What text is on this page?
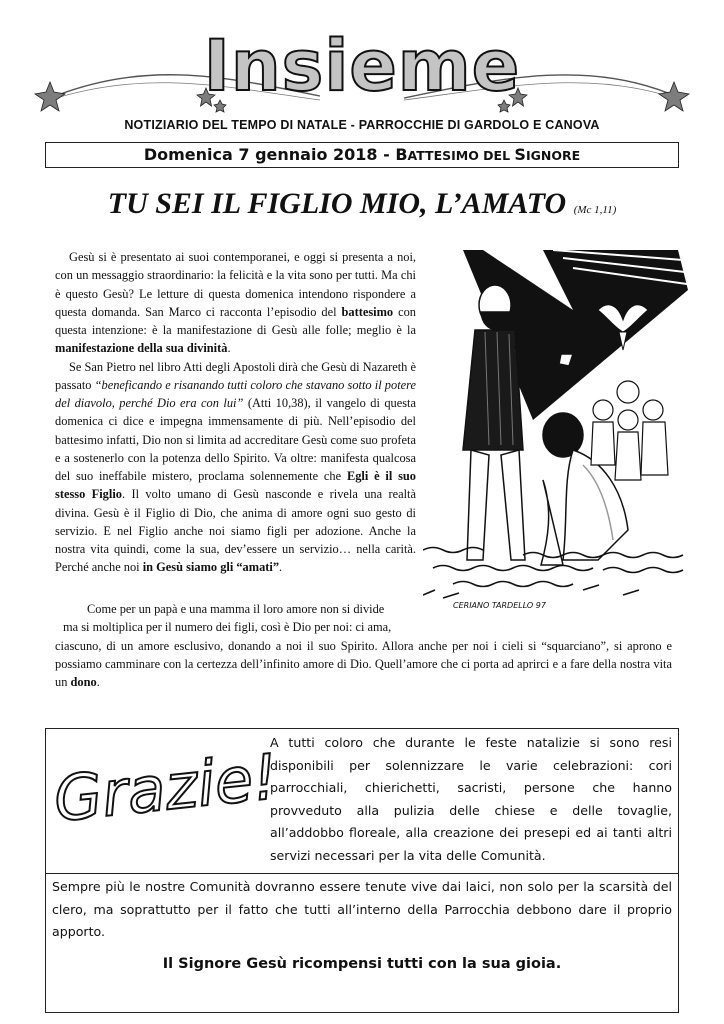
Insieme
NOTIZIARIO DEL TEMPO DI NATALE - PARROCCHIE DI GARDOLO E CANOVA
Domenica 7 gennaio 2018 - BATTESIMO DEL SIGNORE
TU SEI IL FIGLIO MIO, L’AMATO (Mc 1,11)

Gesù si è presentato ai suoi contemporanei, e oggi si presenta a noi, con un messaggio straordinario: la felicità e la vita sono per tutti. Ma chi è questo Gesù? Le letture di questa domenica intendono rispondere a questa domanda. San Marco ci racconta l’episodio del battesimo con questa intenzione: è la manifestazione di Gesù alle folle; meglio è la manifestazione della sua divinità.

Se San Pietro nel libro Atti degli Apostoli dirà che Gesù di Nazareth è passato “beneficando e risanando tutti coloro che stavano sotto il potere del diavolo, perché Dio era con lui” (Atti 10,38), il vangelo di questa domenica ci dice e impegna immensamente di più. Nell’episodio del battesimo infatti, Dio non si limita ad accreditare Gesù come suo profeta e a sostenerlo con la potenza dello Spirito. Va oltre: manifesta qualcosa del suo ineffabile mistero, proclama solennemente che Egli è il suo stesso Figlio. Il volto umano di Gesù nasconde e rivela una realtà divina. Gesù è il Figlio di Dio, che anima di amore ogni suo gesto di servizio. E nel Figlio anche noi siamo figli per adozione. Anche la nostra vita quindi, come la sua, dev’essere un servizio… nella carità. Perché anche noi in Gesù siamo gli “amati”.

CERIANO TARDELLO 97

Come per un papà e una mamma il loro amore non si divide

ma si moltiplica per il numero dei figli, così è Dio per noi: ci ama,

ciascuno, di un amore esclusivo, donando a noi il suo Spirito. Allora anche per noi i cieli si “squarciano”, si aprono e possiamo camminare con la certezza dell’infinito amore di Dio. Quell’amore che ci porta ad aprirci e a fare della nostra vita un dono.

Grazie!

A tutti coloro che durante le feste natalizie si sono resi disponibili per solennizzare le varie celebrazioni: cori parrocchiali, chierichetti, sacristi, persone che hanno provveduto alla pulizia delle chiese e delle tovaglie, all’addobbo floreale, alla creazione dei presepi ed ai tanti altri servizi necessari per la vita delle Comunità.

Sempre più le nostre Comunità dovranno essere tenute vive dai laici, non solo per la scarsità del clero, ma soprattutto per il fatto che tutti all’interno della Parrocchia debbono dare il proprio apporto.

Il Signore Gesù ricompensi tutti con la sua gioia.
